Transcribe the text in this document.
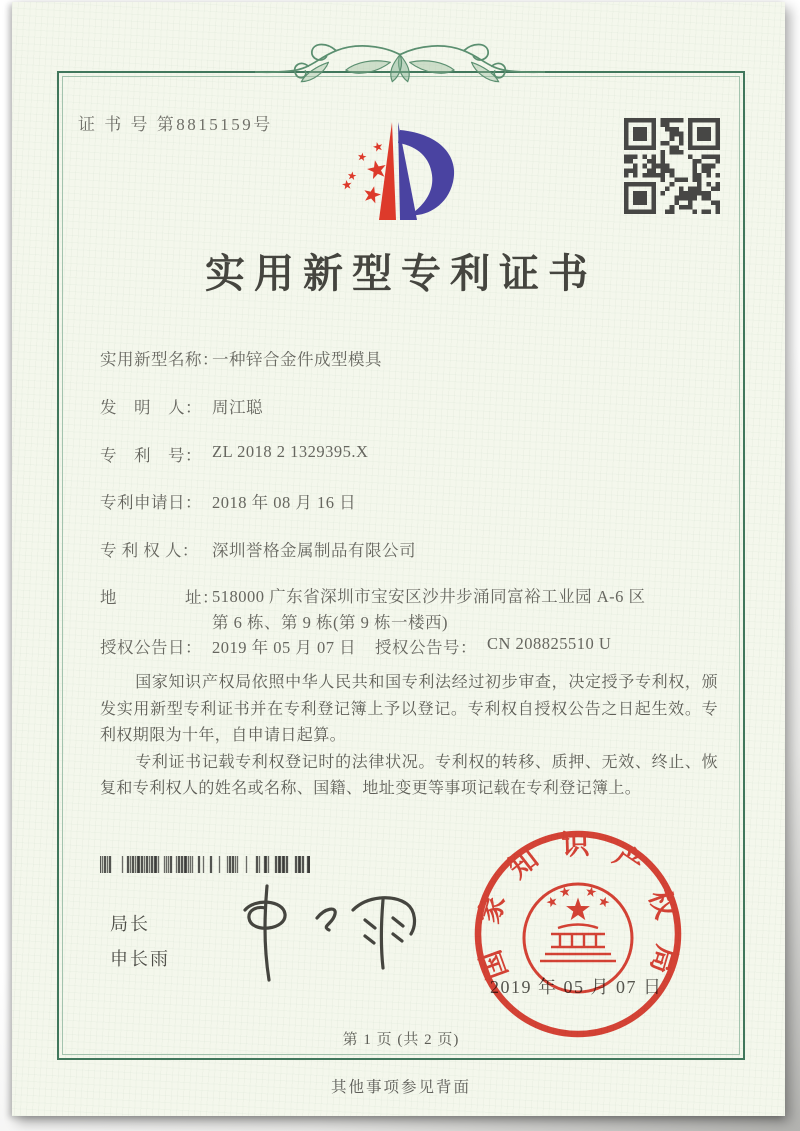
证 书 号 第8815159号
实用新型专利证书
实用新型名称：
一种锌合金件成型模具
发　明　人： 周江聪
专　利　号： ZL 2018 2 1329395.X
专利申请日： 2018 年 08 月 16 日
专 利 权 人： 深圳誉格金属制品有限公司
地　　　　址：
518000 广东省深圳市宝安区沙井步涌同富裕工业园 A-6 区
第 6 栋、第 9 栋(第 9 栋一楼西)
授权公告日： 2019 年 05 月 07 日	授权公告号： CN 208825510 U

国家知识产权局依照中华人民共和国专利法经过初步审查，决定授予专利权，颁发实用新型专利证书并在专利登记簿上予以登记。专利权自授权公告之日起生效。专利权期限为十年，自申请日起算。

专利证书记载专利权登记时的法律状况。专利权的转移、质押、无效、终止、恢复和专利权人的姓名或名称、国籍、地址变更等事项记载在专利登记簿上。

局长
申长雨
2019 年 05 月 07 日
国家知识产权局
第 1 页 (共 2 页)
其他事项参见背面
